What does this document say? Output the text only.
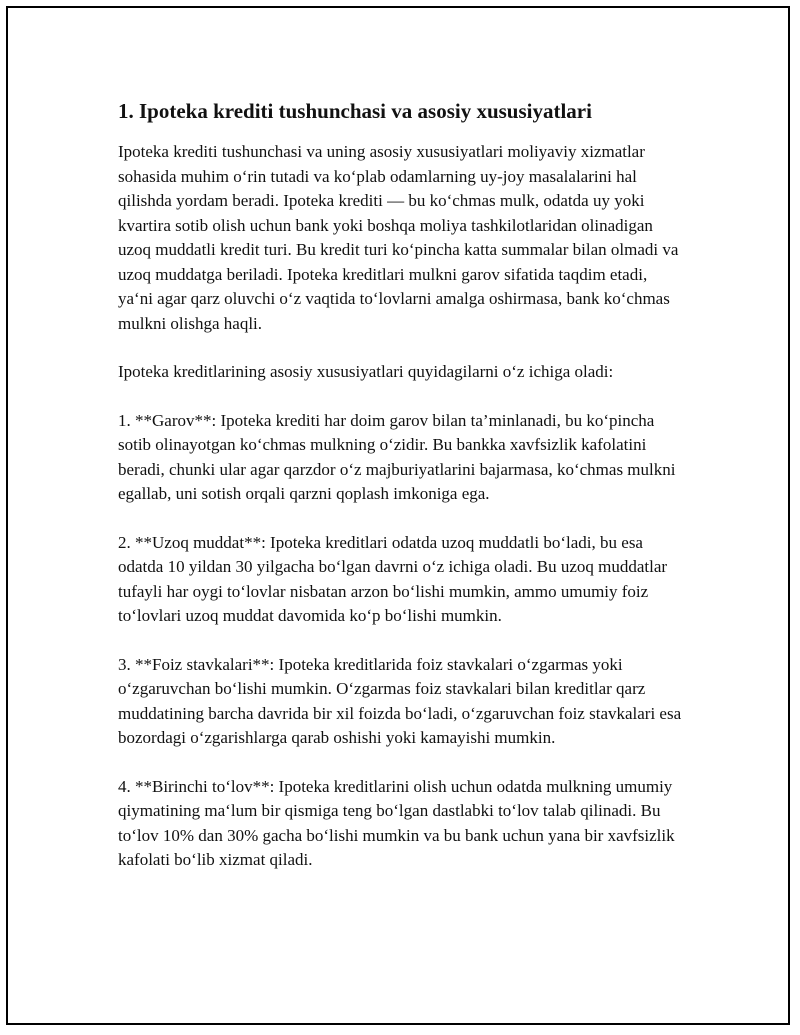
1. Ipoteka krediti tushunchasi va asosiy xususiyatlari

Ipoteka krediti tushunchasi va uning asosiy xususiyatlari moliyaviy xizmatlar sohasida muhim o‘rin tutadi va ko‘plab odamlarning uy-joy masalalarini hal qilishda yordam beradi. Ipoteka krediti — bu ko‘chmas mulk, odatda uy yoki kvartira sotib olish uchun bank yoki boshqa moliya tashkilotlaridan olinadigan uzoq muddatli kredit turi. Bu kredit turi ko‘pincha katta summalar bilan olmadi va uzoq muddatga beriladi. Ipoteka kreditlari mulkni garov sifatida taqdim etadi, ya‘ni agar qarz oluvchi o‘z vaqtida to‘lovlarni amalga oshirmasa, bank ko‘chmas mulkni olishga haqli.

Ipoteka kreditlarining asosiy xususiyatlari quyidagilarni o‘z ichiga oladi:

1. **Garov**: Ipoteka krediti har doim garov bilan ta’minlanadi, bu ko‘pincha sotib olinayotgan ko‘chmas mulkning o‘zidir. Bu bankka xavfsizlik kafolatini beradi, chunki ular agar qarzdor o‘z majburiyatlarini bajarmasa, ko‘chmas mulkni egallab, uni sotish orqali qarzni qoplash imkoniga ega.

2. **Uzoq muddat**: Ipoteka kreditlari odatda uzoq muddatli bo‘ladi, bu esa odatda 10 yildan 30 yilgacha bo‘lgan davrni o‘z ichiga oladi. Bu uzoq muddatlar tufayli har oygi to‘lovlar nisbatan arzon bo‘lishi mumkin, ammo umumiy foiz to‘lovlari uzoq muddat davomida ko‘p bo‘lishi mumkin.

3. **Foiz stavkalari**: Ipoteka kreditlarida foiz stavkalari o‘zgarmas yoki o‘zgaruvchan bo‘lishi mumkin. O‘zgarmas foiz stavkalari bilan kreditlar qarz muddatining barcha davrida bir xil foizda bo‘ladi, o‘zgaruvchan foiz stavkalari esa bozordagi o‘zgarishlarga qarab oshishi yoki kamayishi mumkin.

4. **Birinchi to‘lov**: Ipoteka kreditlarini olish uchun odatda mulkning umumiy qiymatining ma‘lum bir qismiga teng bo‘lgan dastlabki to‘lov talab qilinadi. Bu to‘lov 10% dan 30% gacha bo‘lishi mumkin va bu bank uchun yana bir xavfsizlik kafolati bo‘lib xizmat qiladi.
